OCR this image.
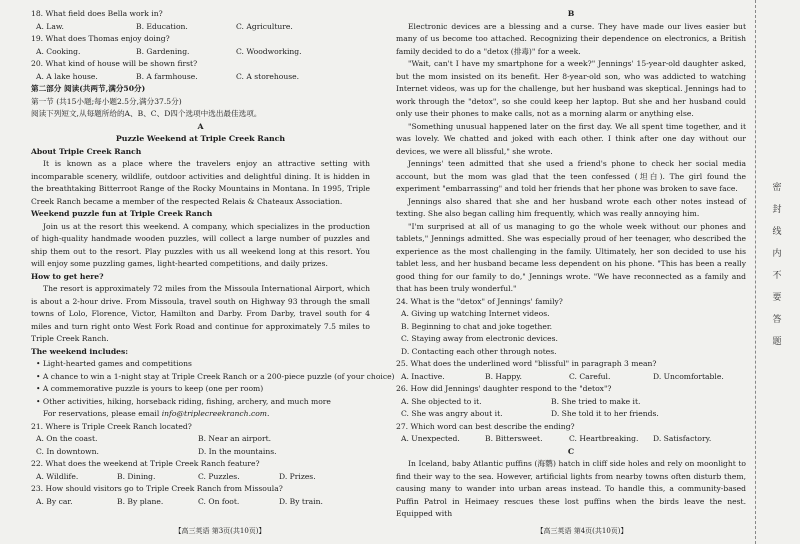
18. What field does Bella work in?
A. Law.	B. Education.	C. Agriculture.
19. What does Thomas enjoy doing?
A. Cooking.	B. Gardening.	C. Woodworking.
20. What kind of house will be shown first?
A. A lake house.	B. A farmhouse.	C. A storehouse.
第二部分 阅读(共两节,满分50分)
第一节 (共15小题;每小题2.5分,满分37.5分)
阅读下列短文,从每题所给的A、B、C、D四个选项中选出最佳选项。
A
Puzzle Weekend at Triple Creek Ranch
About Triple Creek Ranch

It is known as a place where the travelers enjoy an attractive setting with incomparable scenery, wildlife, outdoor activities and delightful dining. It is hidden in the breathtaking Bitterroot Range of the Rocky Mountains in Montana. In 1995, Triple Creek Ranch became a member of the respected Relais & Chateaux Association.

Weekend puzzle fun at Triple Creek Ranch

Join us at the resort this weekend. A company, which specializes in the production of high-quality handmade wooden puzzles, will collect a large number of puzzles and ship them out to the resort. Play puzzles with us all weekend long at this resort. You will enjoy some puzzling games, light-hearted competitions, and daily prizes.

How to get here?

The resort is approximately 72 miles from the Missoula International Airport, which is about a 2-hour drive. From Missoula, travel south on Highway 93 through the small towns of Lolo, Florence, Victor, Hamilton and Darby. From Darby, travel south for 4 miles and turn right onto West Fork Road and continue for approximately 7.5 miles to Triple Creek Ranch.

The weekend includes:
• Light-hearted games and competitions
• A chance to win a 1-night stay at Triple Creek Ranch or a 200-piece puzzle (of your choice)
• A commemorative puzzle is yours to keep (one per room)
• Other activities, hiking, horseback riding, fishing, archery, and much more
For reservations, please email info@triplecreekranch.com.
21. Where is Triple Creek Ranch located?
A. On the coast.	B. Near an airport.
C. In downtown.	D. In the mountains.
22. What does the weekend at Triple Creek Ranch feature?
A. Wildlife.	B. Dining.	C. Puzzles.	D. Prizes.
23. How should visitors go to Triple Creek Ranch from Missoula?
A. By car.	B. By plane.	C. On foot.	D. By train.
【高三英语 第3页(共10页)】
B

Electronic devices are a blessing and a curse. They have made our lives easier but many of us become too attached. Recognizing their dependence on electronics, a British family decided to do a "detox (排毒)" for a week.

"Wait, can't I have my smartphone for a week?" Jennings' 15-year-old daughter asked, but the mom insisted on its benefit. Her 8-year-old son, who was addicted to watching Internet videos, was up for the challenge, but her husband was skeptical. Jennings had to work through the "detox", so she could keep her laptop. But she and her husband could only use their phones to make calls, not as a morning alarm or anything else.

"Something unusual happened later on the first day. We all spent time together, and it was lovely. We chatted and joked with each other. I think after one day without our devices, we were all blissful," she wrote.

Jennings' teen admitted that she used a friend's phone to check her social media account, but the mom was glad that the teen confessed (坦白). The girl found the experiment "embarrassing" and told her friends that her phone was broken to save face.

Jennings also shared that she and her husband wrote each other notes instead of texting. She also began calling him frequently, which was really annoying him.

"I'm surprised at all of us managing to go the whole week without our phones and tablets," Jennings admitted. She was especially proud of her teenager, who described the experience as the most challenging in the family. Ultimately, her son decided to use his tablet less, and her husband became less dependent on his phone. "This has been a really good thing for our family to do," Jennings wrote. "We have reconnected as a family and that has been truly wonderful."

24. What is the "detox" of Jennings' family?
A. Giving up watching Internet videos.
B. Beginning to chat and joke together.
C. Staying away from electronic devices.
D. Contacting each other through notes.
25. What does the underlined word "blissful" in paragraph 3 mean?
A. Inactive.	B. Happy.	C. Careful.	D. Uncomfortable.
26. How did Jennings' daughter respond to the "detox"?
A. She objected to it.	B. She tried to make it.
C. She was angry about it.	D. She told it to her friends.
27. Which word can best describe the ending?
A. Unexpected.	B. Bittersweet.	C. Heartbreaking.	D. Satisfactory.
C

In Iceland, baby Atlantic puffins (海鹦) hatch in cliff side holes and rely on moonlight to find their way to the sea. However, artificial lights from nearby towns often disturb them, causing many to wander into urban areas instead. To handle this, a community-based Puffin Patrol in Heimaey rescues these lost puffins when the birds leave the nest. Equipped with

【高三英语 第4页(共10页)】
密
封
线
内
不
要
答
题
